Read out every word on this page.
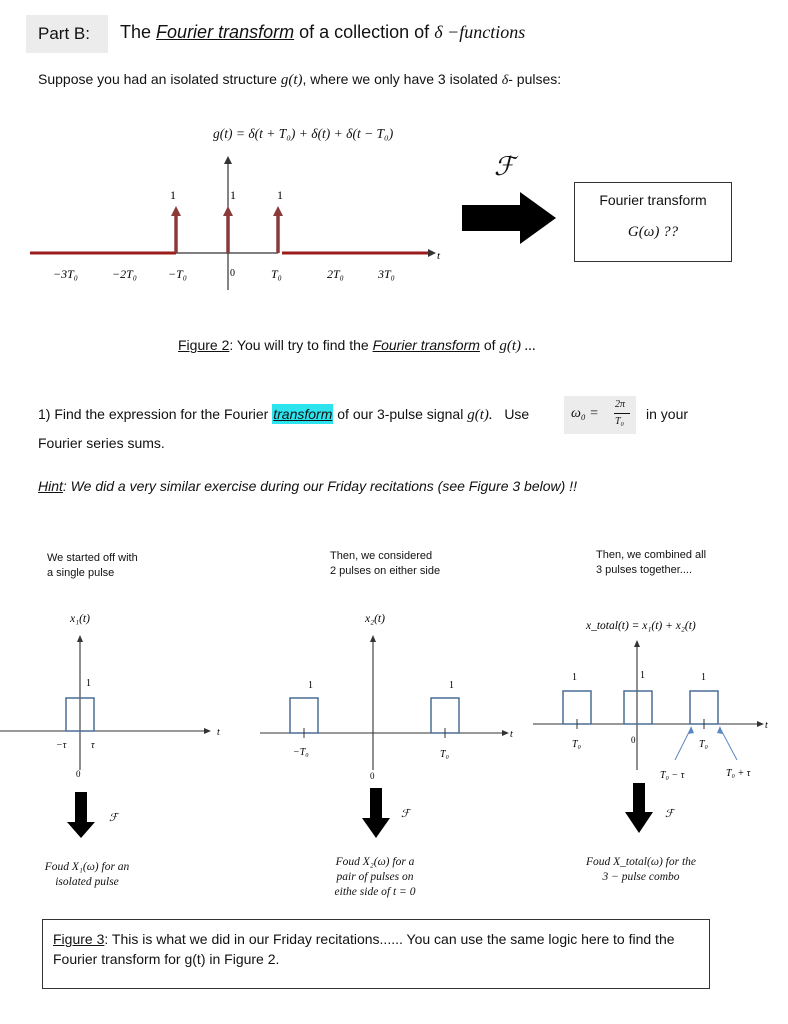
Part B:	The Fourier transform of a collection of δ −functions
Suppose you had an isolated structure g(t), where we only have 3 isolated δ- pulses:
g(t) = δ(t + T₀) + δ(t) + δ(t − T₀)
1	1	1
−3T₀	−2T₀	−T₀	0	T₀	2T₀	3T₀
t
ℱ
Fourier transform
G(ω) ??
Figure 2: You will try to find the Fourier transform of g(t) ...
1) Find the expression for the Fourier transform of our 3-pulse signal g(t). Use	ω₀ =
2π
T₀ in your
Fourier series sums.
Hint: We did a very similar exercise during our Friday recitations (see Figure 3 below) !!
We started off with
a single pulse
Then, we considered
2 pulses on either side
Then, we combined all
3 pulses together....
x₁(t)
1
−τ τ
0
t
ℱ
x₂(t)
1	1
−T₀	T₀
0
t
ℱ
x_total(t) = x₁(t) + x₂(t)
1	1	1
T₀	0	T₀
T₀ − τ	T₀ + τ
t
ℱ
Foud X₁(ω) for an
isolated pulse
Foud X₂(ω) for a
pair of pulses on
eithe side of t = 0
Foud X_total(ω) for the
3 − pulse combo
Figure 3: This is what we did in our Friday recitations...... You can use the same logic here to find the Fourier transform for g(t) in Figure 2.
